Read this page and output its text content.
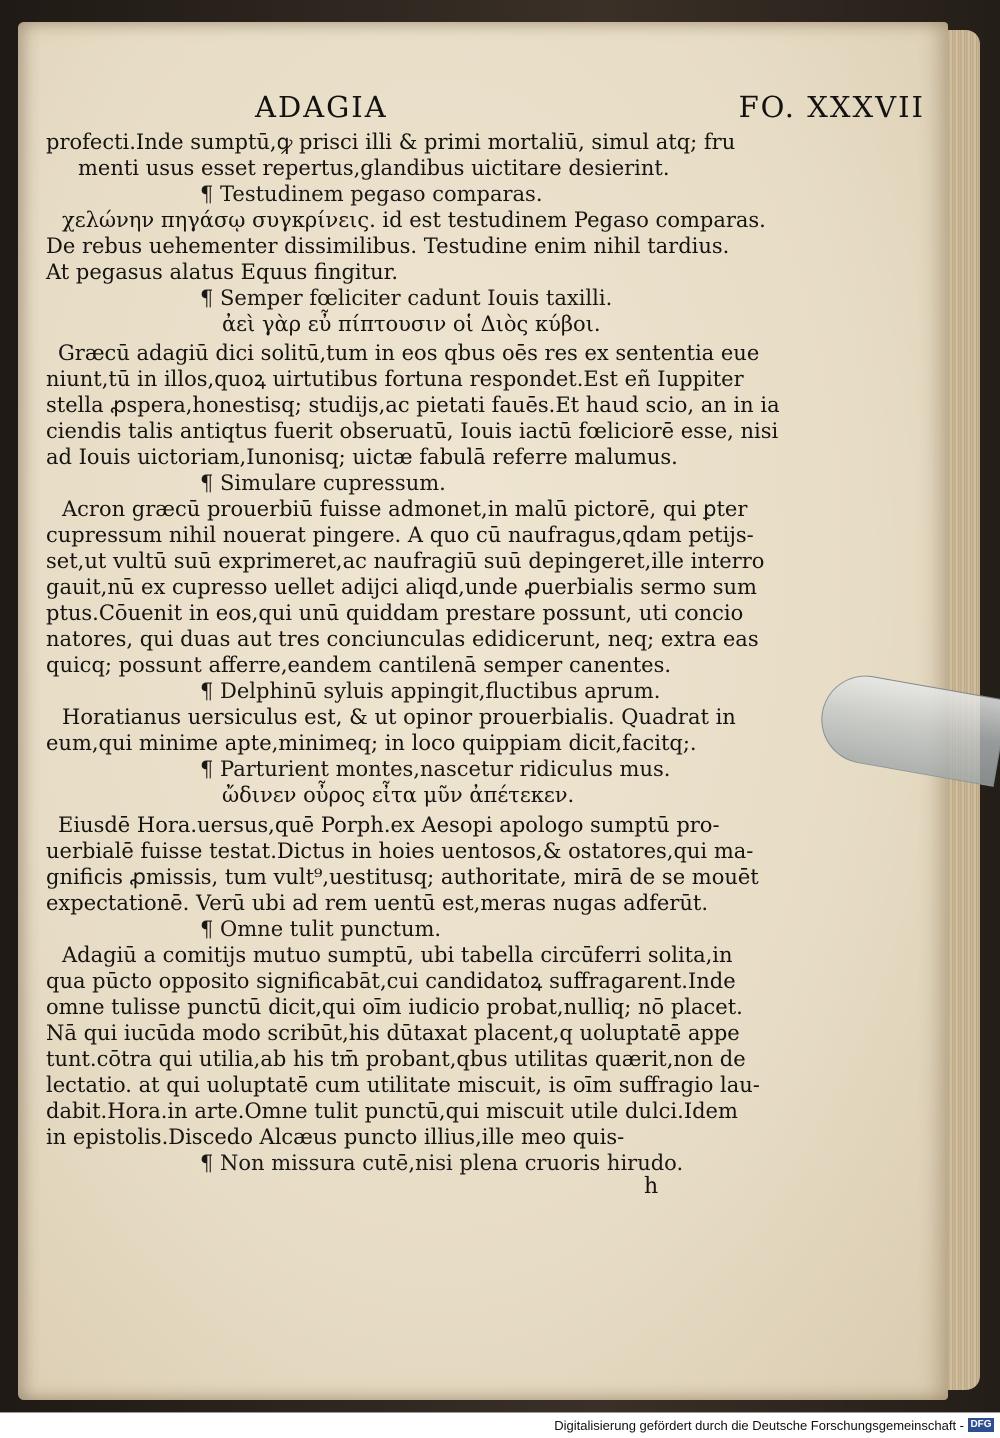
ADAGIA	FO. XXXVII
profecti.Inde sumptū,ꝙ prisci illi & primi mortaliū, simul atq; fru
menti usus esset repertus,glandibus uictitare desierint.
¶ Testudinem pegaso comparas.
χελώνην πηγάσῳ συγκρίνεις. id est testudinem Pegaso comparas.
De rebus uehementer dissimilibus. Testudine enim nihil tardius.
At pegasus alatus Equus fingitur.
¶ Semper fœliciter cadunt Iouis taxilli.
ἀεὶ γὰρ εὖ πίπτουσιν οἱ Διὸς κύβοι.
Græcū adagiū dici solitū,tum in eos qbus oēs res ex sententia eue
niunt,tū in illos,quoꝝ uirtutibus fortuna respondet.Est eñ Iuppiter
stella ꝓspera,honestisq; studijs,ac pietati fauēs.Et haud scio, an in ia
ciendis talis antiqtus fuerit obseruatū, Iouis iactū fœliciorē esse, nisi
ad Iouis uictoriam,Iunonisq; uictæ fabulā referre malumus.
¶ Simulare cupressum.
Acron græcū prouerbiū fuisse admonet,in malū pictorē, qui ꝑter
cupressum nihil nouerat pingere. A quo cū naufragus,qdam petijs-
set,ut vultū suū exprimeret,ac naufragiū suū depingeret,ille interro
gauit,nū ex cupresso uellet adijci aliqd,unde ꝓuerbialis sermo sum
ptus.Cōuenit in eos,qui unū quiddam prestare possunt, uti concio
natores, qui duas aut tres conciunculas edidicerunt, neq; extra eas
quicq; possunt afferre,eandem cantilenā semper canentes.
¶ Delphinū syluis appingit,fluctibus aprum.
Horatianus uersiculus est, & ut opinor prouerbialis. Quadrat in
eum,qui minime apte,minimeq; in loco quippiam dicit,facitq;.
¶ Parturient montes,nascetur ridiculus mus.
ὤδινεν οὖρος εἶτα μῦν ἀπέτεκεν.
Eiusdē Hora.uersus,quē Porph.ex Aesopi apologo sumptū pro-
uerbialē fuisse testat.Dictus in hoies uentosos,& ostatores,qui ma-
gnificis ꝓmissis, tum vult⁹,uestitusq; authoritate, mirā de se mouēt
expectationē. Verū ubi ad rem uentū est,meras nugas adferūt.
¶ Omne tulit punctum.
Adagiū a comitijs mutuo sumptū, ubi tabella circūferri solita,in
qua pūcto opposito significabāt,cui candidatoꝝ suffragarent.Inde
omne tulisse punctū dicit,qui oīm iudicio probat,nulliq; nō placet.
Nā qui iucūda modo scribūt,his dūtaxat placent,q uoluptatē appe
tunt.cōtra qui utilia,ab his tm̄ probant,qbus utilitas quærit,non de
lectatio. at qui uoluptatē cum utilitate miscuit, is oīm suffragio lau-
dabit.Hora.in arte.Omne tulit punctū,qui miscuit utile dulci.Idem
in epistolis.Discedo Alcæus puncto illius,ille meo quis-
¶ Non missura cutē,nisi plena cruoris hirudo.
h
Digitalisierung gefördert durch die Deutsche Forschungsgemeinschaft - DFG
